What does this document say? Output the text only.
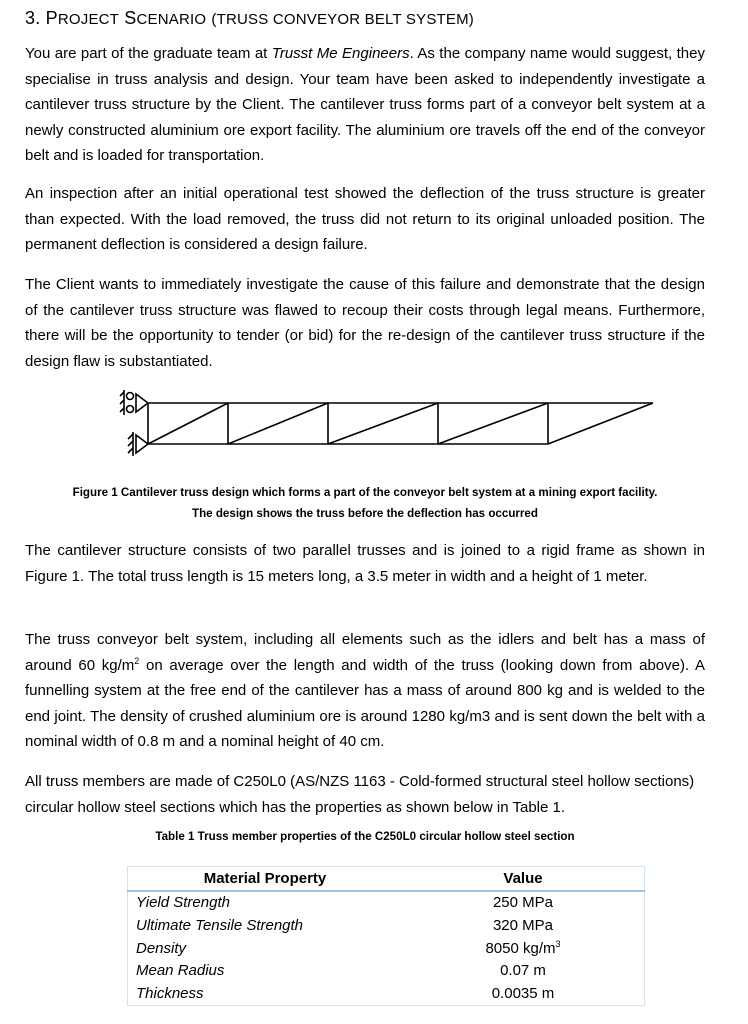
3. PROJECT SCENARIO (TRUSS CONVEYOR BELT SYSTEM)

You are part of the graduate team at Trusst Me Engineers. As the company name would suggest, they specialise in truss analysis and design. Your team have been asked to independently investigate a cantilever truss structure by the Client. The cantilever truss forms part of a conveyor belt system at a newly constructed aluminium ore export facility. The aluminium ore travels off the end of the conveyor belt and is loaded for transportation.

An inspection after an initial operational test showed the deflection of the truss structure is greater than expected. With the load removed, the truss did not return to its original unloaded position. The permanent deflection is considered a design failure.

The Client wants to immediately investigate the cause of this failure and demonstrate that the design of the cantilever truss structure was flawed to recoup their costs through legal means. Furthermore, there will be the opportunity to tender (or bid) for the re-design of the cantilever truss structure if the design flaw is substantiated.

Figure 1 Cantilever truss design which forms a part of the conveyor belt system at a mining export facility.
The design shows the truss before the deflection has occurred

The cantilever structure consists of two parallel trusses and is joined to a rigid frame as shown in Figure 1. The total truss length is 15 meters long, a 3.5 meter in width and a height of 1 meter.

The truss conveyor belt system, including all elements such as the idlers and belt has a mass of around 60 $kg/m^2$ on average over the length and width of the truss (looking down from above). A funnelling system at the free end of the cantilever has a mass of around 800 kg and is welded to the end joint. The density of crushed aluminium ore is around 1280 kg/m3 and is sent down the belt with a nominal width of 0.8 m and a nominal height of 40 cm.

All truss members are made of C250L0 (AS/NZS 1163 - Cold-formed structural steel hollow sections) circular hollow steel sections which has the properties as shown below in Table 1.

Table 1 Truss member properties of the C250L0 circular hollow steel section

Material Property	Value
Yield Strength	250 MPa
Ultimate Tensile Strength	320 MPa
Density	8050 $kg/m^3$
Mean Radius	0.07 m
Thickness	0.0035 m
